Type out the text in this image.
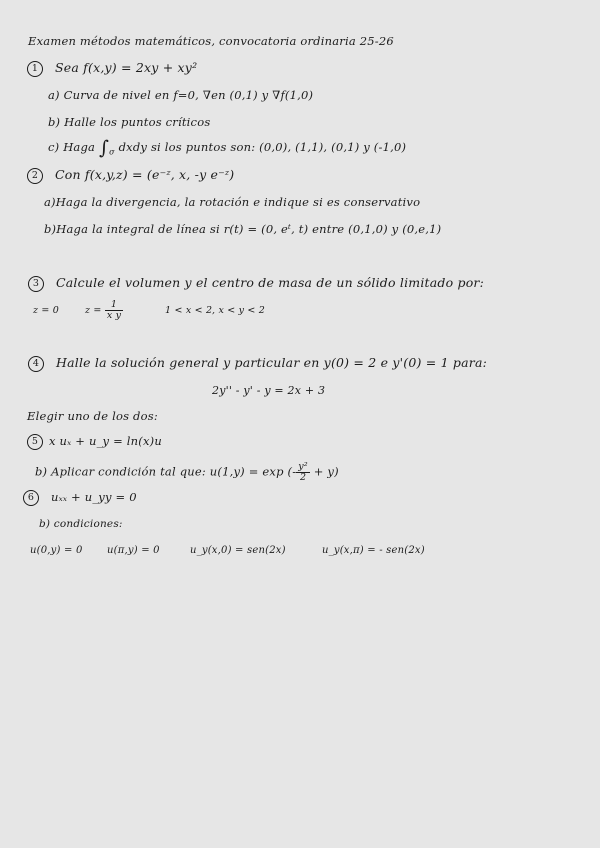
Examen métodos matemáticos, convocatoria ordinaria 25-26
1 Sea f(x,y) = 2xy + xy²
a) Curva de nivel en f=0, ∇en (0,1) y ∇f(1,0)
b) Halle los puntos críticos
c) Haga $\int_\sigma$ dxdy si los puntos son: (0,0), (1,1), (0,1) y (-1,0)
2 Con f(x,y,z) = (e⁻ᶻ, x, -y e⁻ᶻ)
a)Haga la divergencia, la rotación e indique si es conservativo
b)Haga la integral de línea si r(t) = (0, eᵗ, t) entre (0,1,0) y (0,e,1)
3 Calcule el volumen y el centro de masa de un sólido limitado por:
z = 0	$z = \frac{1}{\text{x y}}$	1 < x < 2 , x < y < 2
4 Halle la solución general y particular en y(0) = 2 e y'(0) = 1 para:
2y'' - y' - y = 2x + 3
Elegir uno de los dos:
5 x uₓ + u_y = ln(x)u
b) Aplicar condición tal que: u(1,y) = exp (- $\frac{\text{y²}}{2} + y$)
6 uₓₓ + u_yy = 0
b) condiciones:
u(0,y) = 0 u(π,y) = 0	u_y(x,0) = sen(2x)	u_y(x,π) = - sen(2x)
